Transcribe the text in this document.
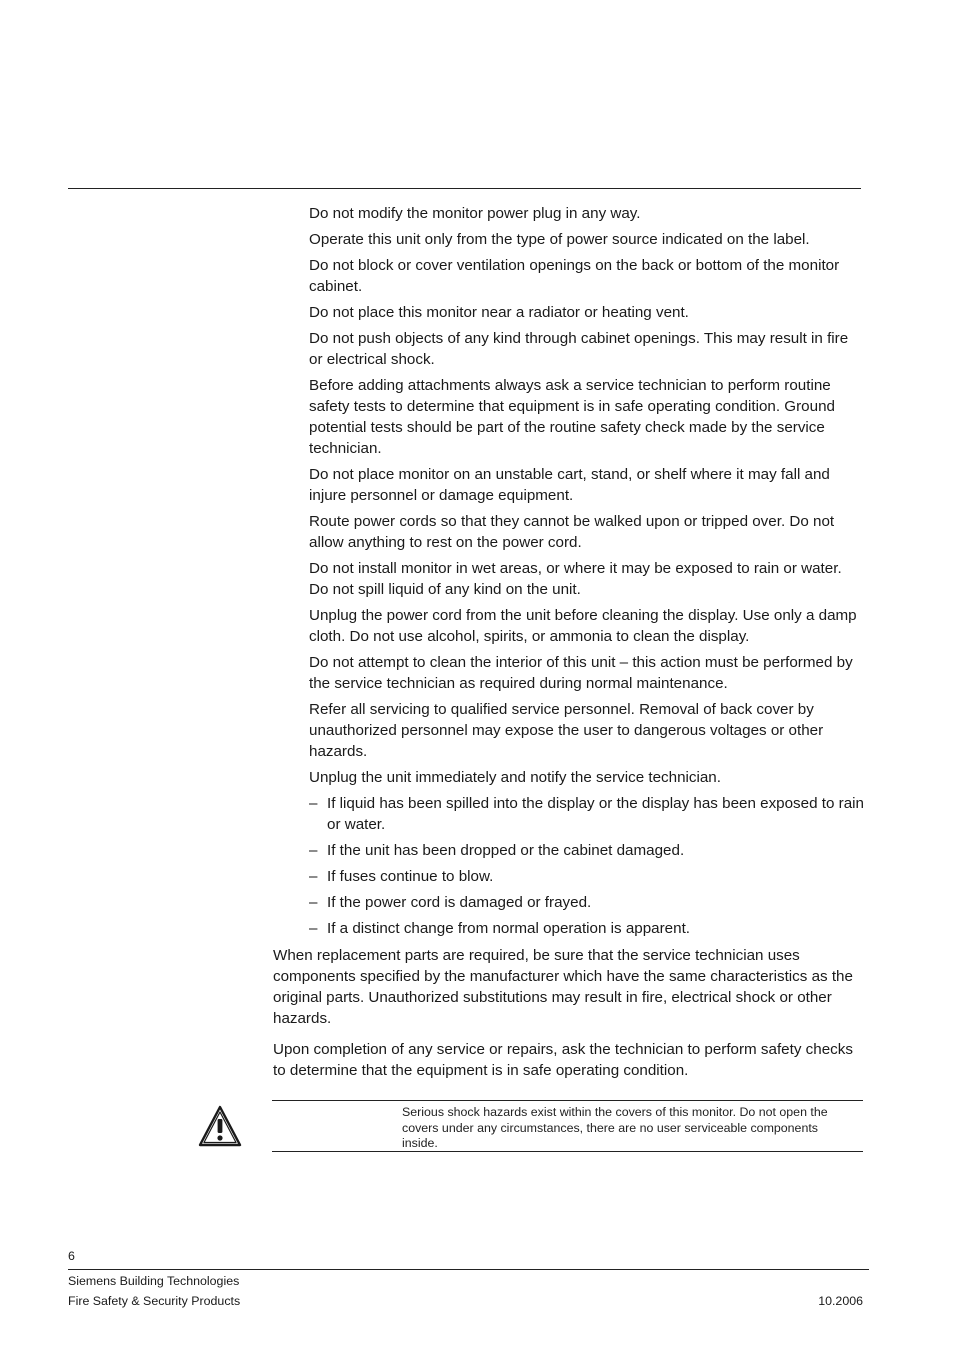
Do not modify the monitor power plug in any way.

Operate this unit only from the type of power source indicated on the label.

Do not block or cover ventilation openings on the back or bottom of the monitor cabinet.

Do not place this monitor near a radiator or heating vent.

Do not push objects of any kind through cabinet openings. This may result in fire or electrical shock.

Before adding attachments always ask a service technician to perform routine safety tests to determine that equipment is in safe operating condition. Ground potential tests should be part of the routine safety check made by the service technician.

Do not place monitor on an unstable cart, stand, or shelf where it may fall and injure personnel or damage equipment.

Route power cords so that they cannot be walked upon or tripped over. Do not allow anything to rest on the power cord.

Do not install monitor in wet areas, or where it may be exposed to rain or water. Do not spill liquid of any kind on the unit.

Unplug the power cord from the unit before cleaning the display. Use only a damp cloth. Do not use alcohol, spirits, or ammonia to clean the display.

Do not attempt to clean the interior of this unit – this action must be performed by the service technician as required during normal maintenance.

Refer all servicing to qualified service personnel. Removal of back cover by unauthorized personnel may expose the user to dangerous voltages or other hazards.

Unplug the unit immediately and notify the service technician.

– If liquid has been spilled into the display or the display has been exposed to rain or water.
– If the unit has been dropped or the cabinet damaged.
– If fuses continue to blow.
– If the power cord is damaged or frayed.
– If a distinct change from normal operation is apparent.

When replacement parts are required, be sure that the service technician uses components specified by the manufacturer which have the same characteristics as the original parts. Unauthorized substitutions may result in fire, electrical shock or other hazards.

Upon completion of any service or repairs, ask the technician to perform safety checks to determine that the equipment is in safe operating condition.

Serious shock hazards exist within the covers of this monitor. Do not open the covers under any circumstances, there are no user serviceable components inside.
6
Siemens Building Technologies
Fire Safety & Security Products	10.2006
